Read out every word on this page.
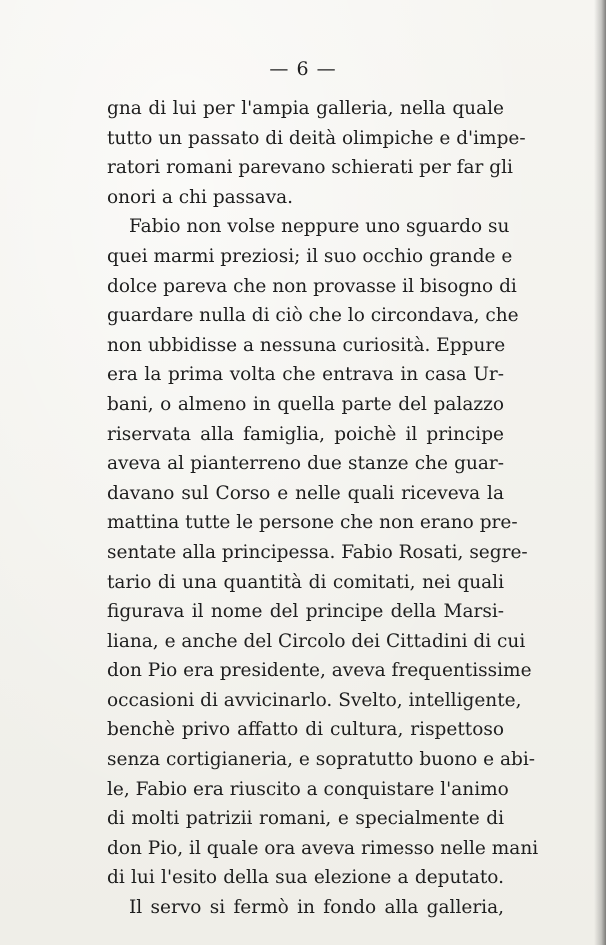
— 6 —
gna di lui per l'ampia galleria, nella quale
tutto un passato di deità olimpiche e d'impe-
ratori romani parevano schierati per far gli
onori a chi passava.
Fabio non volse neppure uno sguardo su
quei marmi preziosi; il suo occhio grande e
dolce pareva che non provasse il bisogno di
guardare nulla di ciò che lo circondava, che
non ubbidisse a nessuna curiosità. Eppure
era la prima volta che entrava in casa Ur-
bani, o almeno in quella parte del palazzo
riservata alla famiglia, poichè il principe
aveva al pianterreno due stanze che guar-
davano sul Corso e nelle quali riceveva la
mattina tutte le persone che non erano pre-
sentate alla principessa. Fabio Rosati, segre-
tario di una quantità di comitati, nei quali
figurava il nome del principe della Marsi-
liana, e anche del Circolo dei Cittadini di cui
don Pio era presidente, aveva frequentissime
occasioni di avvicinarlo. Svelto, intelligente,
benchè privo affatto di cultura, rispettoso
senza cortigianeria, e sopratutto buono e abi-
le, Fabio era riuscito a conquistare l'animo
di molti patrizii romani, e specialmente di
don Pio, il quale ora aveva rimesso nelle mani
di lui l'esito della sua elezione a deputato.
Il servo si fermò in fondo alla galleria,
